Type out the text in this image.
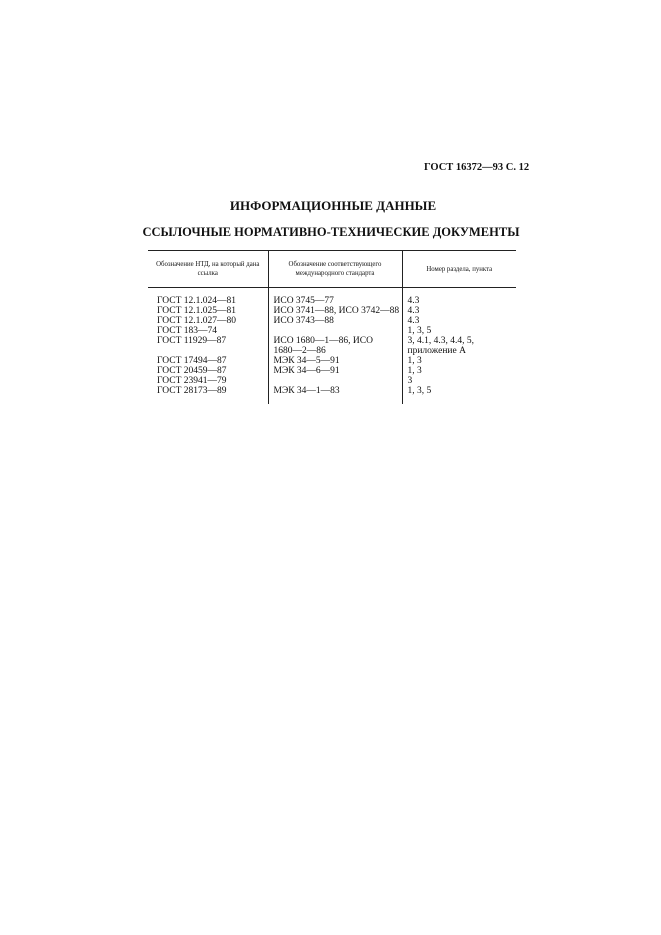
ГОСТ 16372—93 С. 12
ИНФОРМАЦИОННЫЕ ДАННЫЕ
ССЫЛОЧНЫЕ НОРМАТИВНО-ТЕХНИЧЕСКИЕ ДОКУМЕНТЫ
Обозначение НТД, на который дана ссылка	Обозначение соответствующего международного стандарта	Номер раздела, пункта

ГОСТ 12.1.024—81	ИСО 3745—77	4.3
ГОСТ 12.1.025—81	ИСО 3741—88, ИСО 3742—88	4.3
ГОСТ 12.1.027—80	ИСО 3743—88	4.3
ГОСТ 183—74		1, 3, 5
ГОСТ 11929—87	ИСО 1680—1—86, ИСО	3, 4.1, 4.3, 4.4, 5,
	1680—2—86	приложение А
ГОСТ 17494—87	МЭК 34—5—91	1, 3
ГОСТ 20459—87	МЭК 34—6—91	1, 3
ГОСТ 23941—79		3
ГОСТ 28173—89	МЭК 34—1—83	1, 3, 5
